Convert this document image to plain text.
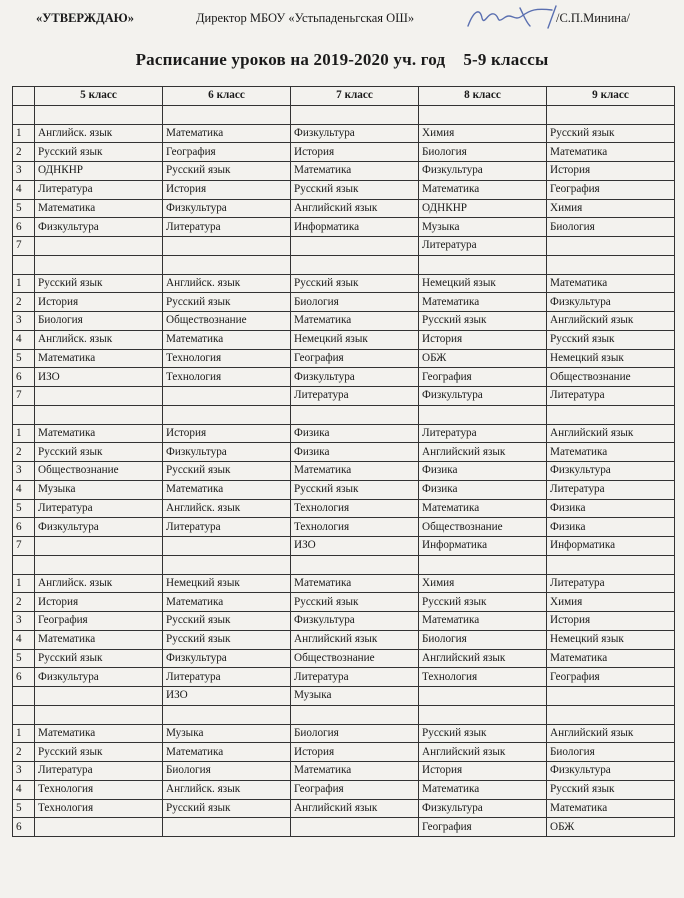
«УТВЕРЖДАЮ»	Директор МБОУ «Устьпаденьгская ОШ»	/С.П.Минина/
Расписание уроков на 2019-2020 уч. год 5-9 классы
	5 класс	6 класс	7 класс	8 класс	9 класс

1	Английск. язык	Математика	Физкультура	Химия	Русский язык
2	Русский язык	География	История	Биология	Математика
3	ОДНКНР	Русский язык	Математика	Физкультура	История
4	Литература	История	Русский язык	Математика	География
5	Математика	Физкультура	Английский язык	ОДНКНР	Химия
6	Физкультура	Литература	Информатика	Музыка	Биология
7				Литература	

1	Русский язык	Английск. язык	Русский язык	Немецкий язык	Математика
2	История	Русский язык	Биология	Математика	Физкультура
3	Биология	Обществознание	Математика	Русский язык	Английский язык
4	Английск. язык	Математика	Немецкий язык	История	Русский язык
5	Математика	Технология	География	ОБЖ	Немецкий язык
6	ИЗО	Технология	Физкультура	География	Обществознание
7			Литература	Физкультура	Литература

1	Математика	История	Физика	Литература	Английский язык
2	Русский язык	Физкультура	Физика	Английский язык	Математика
3	Обществознание	Русский язык	Математика	Физика	Физкультура
4	Музыка	Математика	Русский язык	Физика	Литература
5	Литература	Английск. язык	Технология	Математика	Физика
6	Физкультура	Литература	Технология	Обществознание	Физика
7			ИЗО	Информатика	Информатика

1	Английск. язык	Немецкий язык	Математика	Химия	Литература
2	История	Математика	Русский язык	Русский язык	Химия
3	География	Русский язык	Физкультура	Математика	История
4	Математика	Русский язык	Английский язык	Биология	Немецкий язык
5	Русский язык	Физкультура	Обществознание	Английский язык	Математика
6	Физкультура	Литература	Литература	Технология	География
		ИЗО	Музыка		

1	Математика	Музыка	Биология	Русский язык	Английский язык
2	Русский язык	Математика	История	Английский язык	Биология
3	Литература	Биология	Математика	История	Физкультура
4	Технология	Английск. язык	География	Математика	Русский язык
5	Технология	Русский язык	Английский язык	Физкультура	Математика
6				География	ОБЖ
